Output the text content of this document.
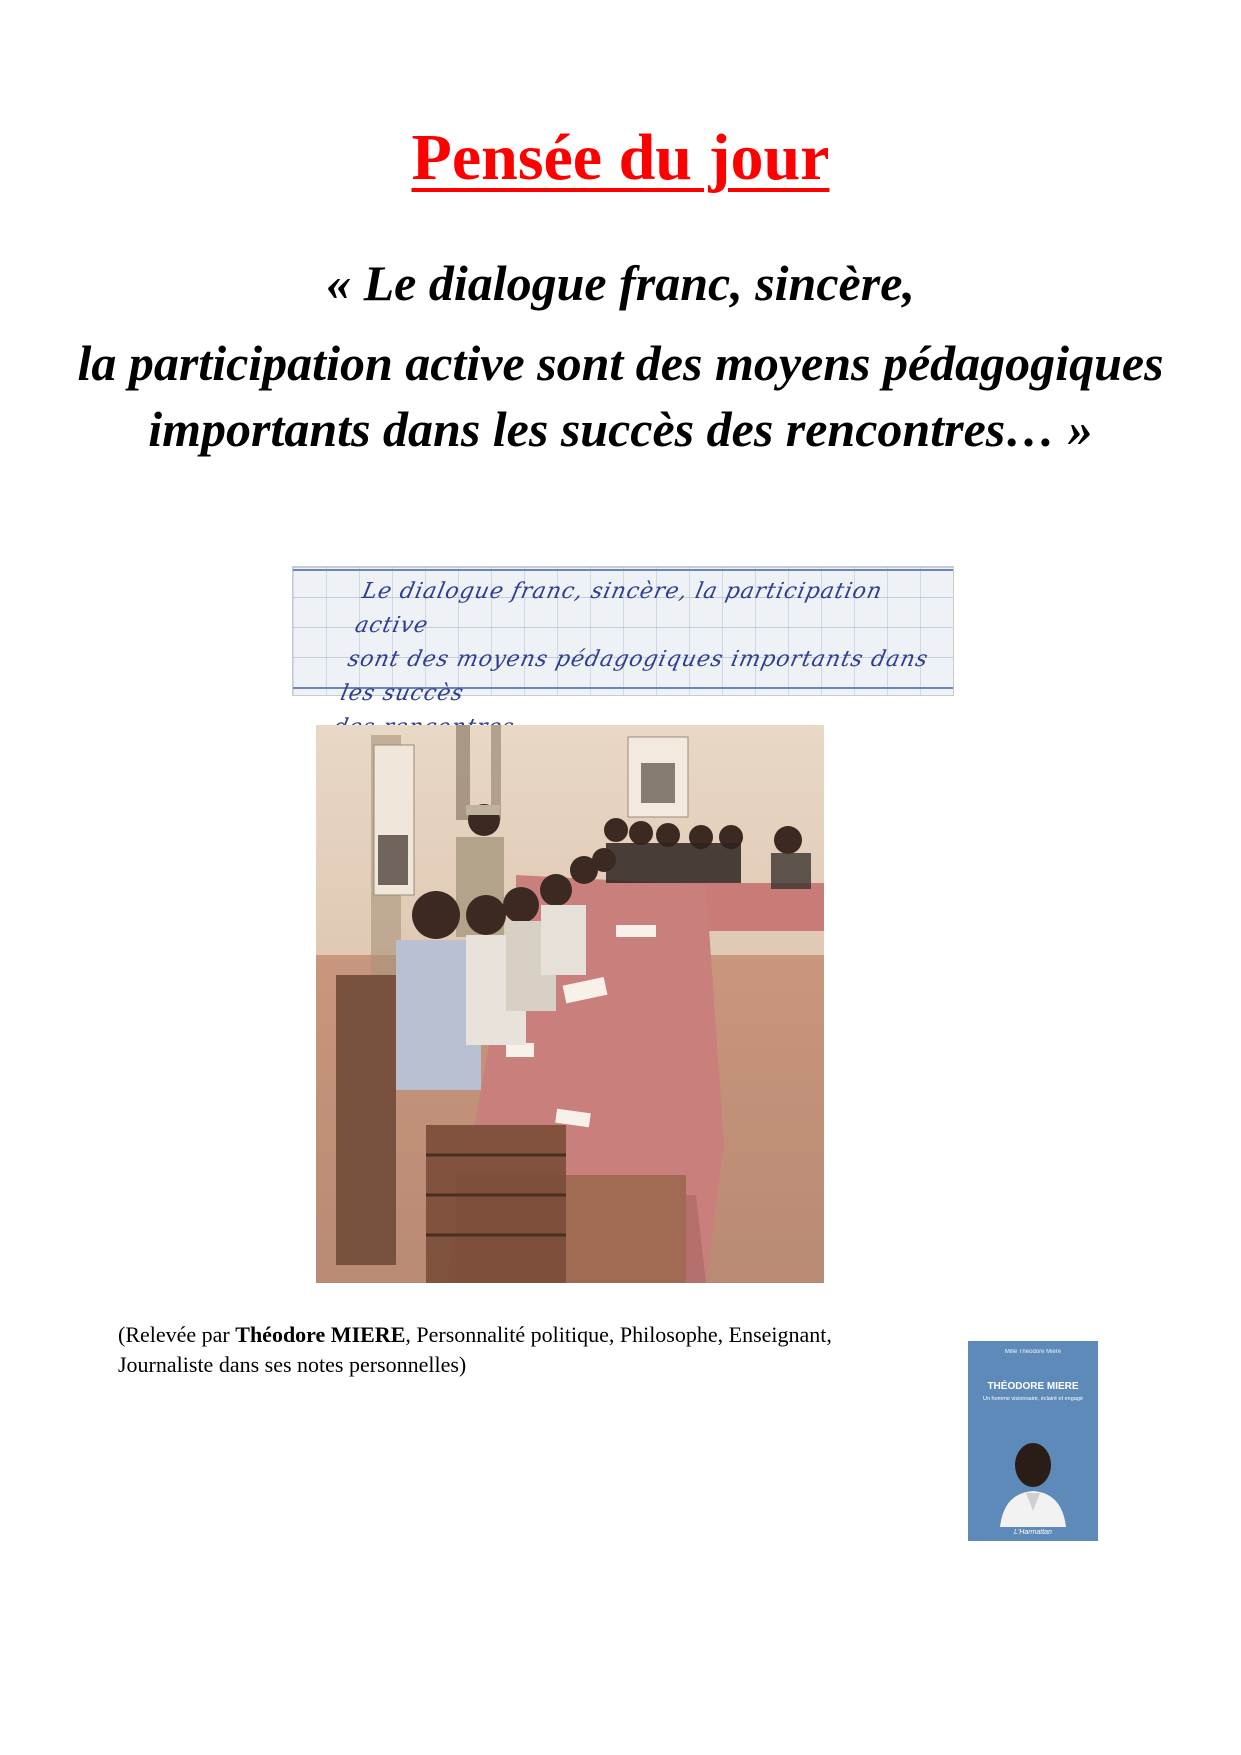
Pensée du jour
« Le dialogue franc, sincère,
la participation active sont des moyens pédagogiques importants dans les succès des rencontres… »
Le dialogue franc, sincère, la participation active
sont des moyens pédagogiques importants dans les succès
(Relevée par Théodore MIERE, Personnalité politique, Philosophe, Enseignant, Journaliste dans ses notes personnelles)	Mille Théodore Miere
THÉODORE MIERE
Un homme visionnaire, éclairé et engagé
L'Harmattan
